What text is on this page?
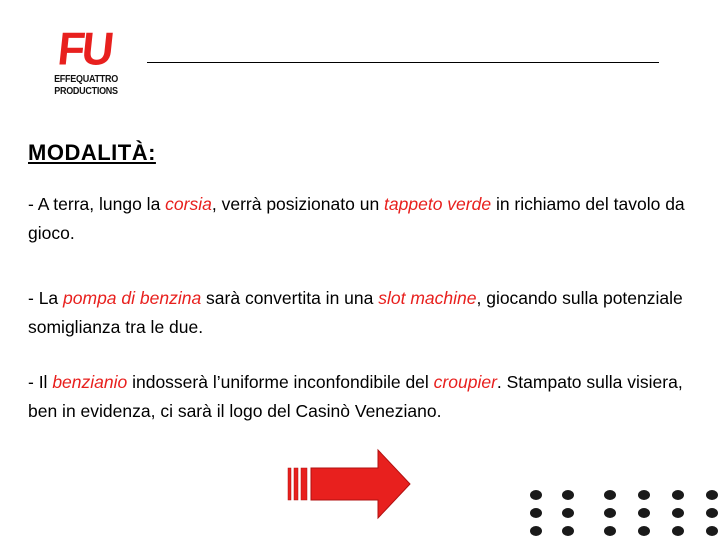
FU
EFFEQUATTRO
PRODUCTIONS
MODALITÀ:
- A terra, lungo la corsia, verrà posizionato un tappeto verde in richiamo del tavolo da gioco.
- La pompa di benzina sarà convertita in una slot machine, giocando sulla potenziale somiglianza tra le due.
- Il benzianio indosserà l’uniforme inconfondibile del croupier. Stampato sulla visiera, ben in evidenza, ci sarà il logo del Casinò Veneziano.
